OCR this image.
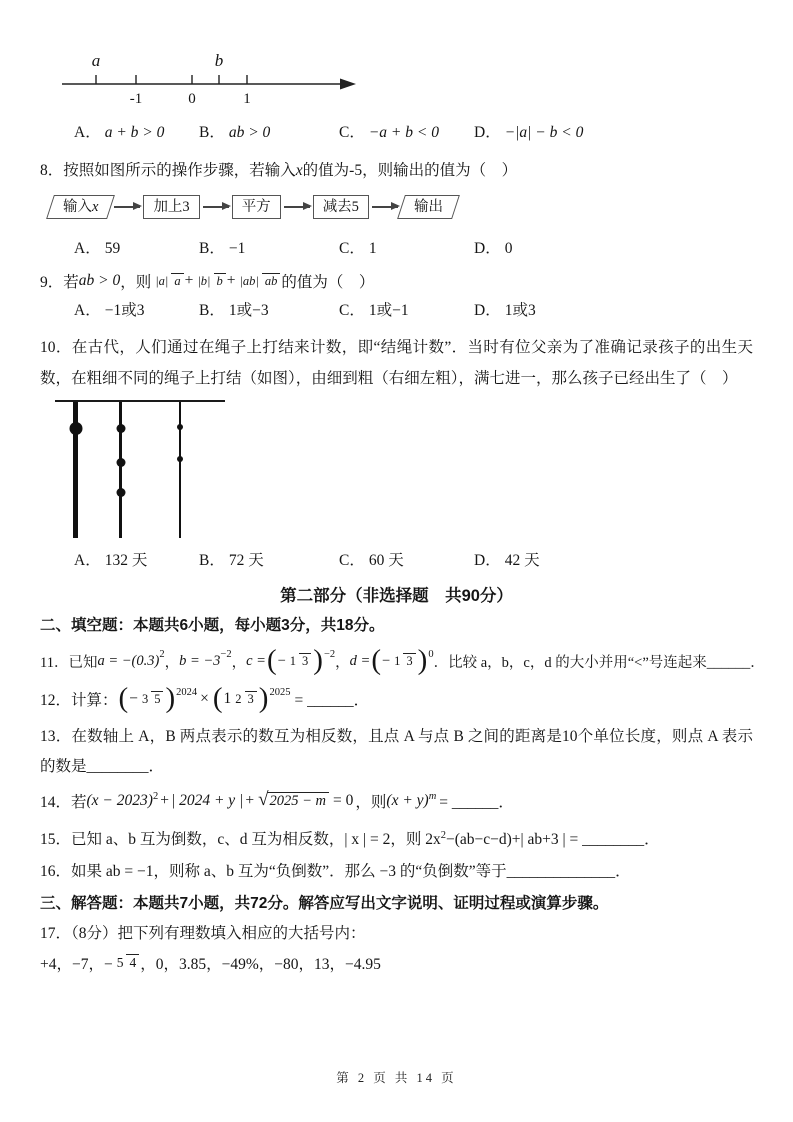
a	b
-1	0	1
A． a + b > 0 B． ab > 0	C． −a + b < 0 D． −|a| − b < 0
8．按照如图所示的操作步骤，若输入x的值为-5，则输出的值为（　）
输入x	加上3	平方	减去5	输出
A． 59	B． −1	C． 1	D． 0
9．若 ab > 0 ，则 |a| a + |b| b + |ab| ab 的值为（　）
A． −1或3	B． 1或−3	C． 1或−1	D． 1或3
10．在古代，人们通过在绳子上打结来计数，即“结绳计数”．当时有位父亲为了准确记录孩子的出生天数，在粗细不同的绳子上打结（如图），由细到粗（右细左粗），满七进一，那么孩子已经出生了（　）
A． 132 天	B． 72 天	C． 60 天	D． 42 天
第二部分（非选择题　共90分）
二、填空题：本题共6小题，每小题3分，共18分。
11．已知 a = −(0.3) 2
， b = −3 −2
， c = ( − 1 3 ) −2
， d = ( − 1 3 ) 0
．比较 a，b，c，d 的大小并用“<”号连起来______．
12．计算： ( − 3 5 ) 2024 × ( 1 2 3 ) 2025 = ______．
13．在数轴上 A，B 两点表示的数互为相反数，且点 A 与点 B 之间的距离是10个单位长度，则点 A 表示的数是________．
14．若 (x − 2023) 2 + | 2024 + y | + √2025 − m = 0 ，则 (x + y) m = ______．
15．已知 a、b 互为倒数，c、d 互为相反数，| x | = 2，则 $2x^2-(ab-c-d)+|$ ab+3 | = ________．
16．如果 ab = −1，则称 a、b 互为“负倒数”．那么 −3 的“负倒数”等于______________．
三、解答题：本题共7小题，共72分。解答应写出文字说明、证明过程或演算步骤。
17．（8分）把下列有理数填入相应的大括号内：
+4，−7，− 5 4 ，0，3.85，−49%，−80，13，−4.95
第 2 页 共 14 页
